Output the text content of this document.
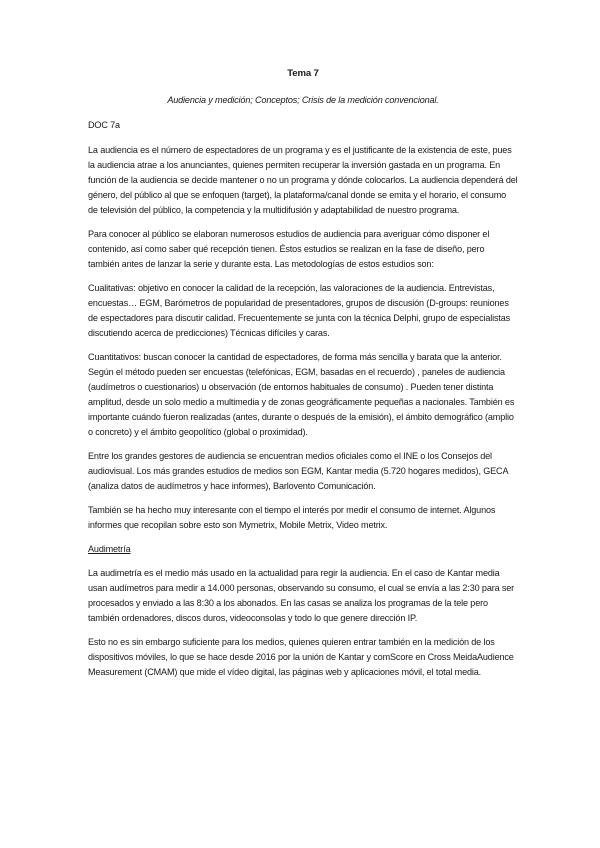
Tema 7

Audiencia y medición; Conceptos; Crisis de la medición convencional.

DOC 7a

La audiencia es el número de espectadores de un programa y es el justificante de la existencia de este, pues la audiencia atrae a los anunciantes, quienes permiten recuperar la inversión gastada en un programa. En función de la audiencia se decide mantener o no un programa y dónde colocarlos. La audiencia dependerá del género, del público al que se enfoquen (target), la plataforma/canal donde se emita y el horario, el consumo de televisión del público, la competencia y la multidifusión y adaptabilidad de nuestro programa.

Para conocer al público se elaboran numerosos estudios de audiencia para averiguar cómo disponer el contenido, así como saber qué recepción tienen. Éstos estudios se realizan en la fase de diseño, pero también antes de lanzar la serie y durante esta. Las metodologías de estos estudios son:

Cualitativas: objetivo en conocer la calidad de la recepción, las valoraciones de la audiencia. Entrevistas, encuestas… EGM, Barómetros de popularidad de presentadores, grupos de discusión (D-groups: reuniones de espectadores para discutir calidad. Frecuentemente se junta con la técnica Delphi, grupo de especialistas discutiendo acerca de predicciones) Técnicas difíciles y caras.

Cuantitativos: buscan conocer la cantidad de espectadores, de forma más sencilla y barata que la anterior. Según el método pueden ser encuestas (telefónicas, EGM, basadas en el recuerdo) , paneles de audiencia (audímetros o cuestionarios) u observación (de entornos habituales de consumo) . Pueden tener distinta amplitud, desde un solo medio a multimedia y de zonas geográficamente pequeñas a nacionales. También es importante cuándo fueron realizadas (antes, durante o después de la emisión), el ámbito demográfico (amplio o concreto) y el ámbito geopolítico (global o proximidad).

Entre los grandes gestores de audiencia se encuentran medios oficiales como el INE o los Consejos del audiovisual. Los más grandes estudios de medios son EGM, Kantar media (5.720 hogares medidos), GECA (analiza datos de audímetros y hace informes), Barlovento Comunicación.

También se ha hecho muy interesante con el tiempo el interés por medir el consumo de internet. Algunos informes que recopilan sobre esto son Mymetrix, Mobile Metrix, Video metrix.

Audimetría

La audimetría es el medio más usado en la actualidad para regir la audiencia. En el caso de Kantar media usan audímetros para medir a 14.000 personas, observando su consumo, el cual se envía a las 2:30 para ser procesados y enviado a las 8:30 a los abonados. En las casas se analiza los programas de la tele pero también ordenadores, discos duros, videoconsolas y todo lo que genere dirección IP.

Esto no es sin embargo suficiente para los medios, quienes quieren entrar también en la medición de los dispositivos móviles, lo que se hace desde 2016 por la unión de Kantar y comScore en Cross MeidaAudience Measurement (CMAM) que mide el vídeo digital, las páginas web y aplicaciones móvil, el total media.
